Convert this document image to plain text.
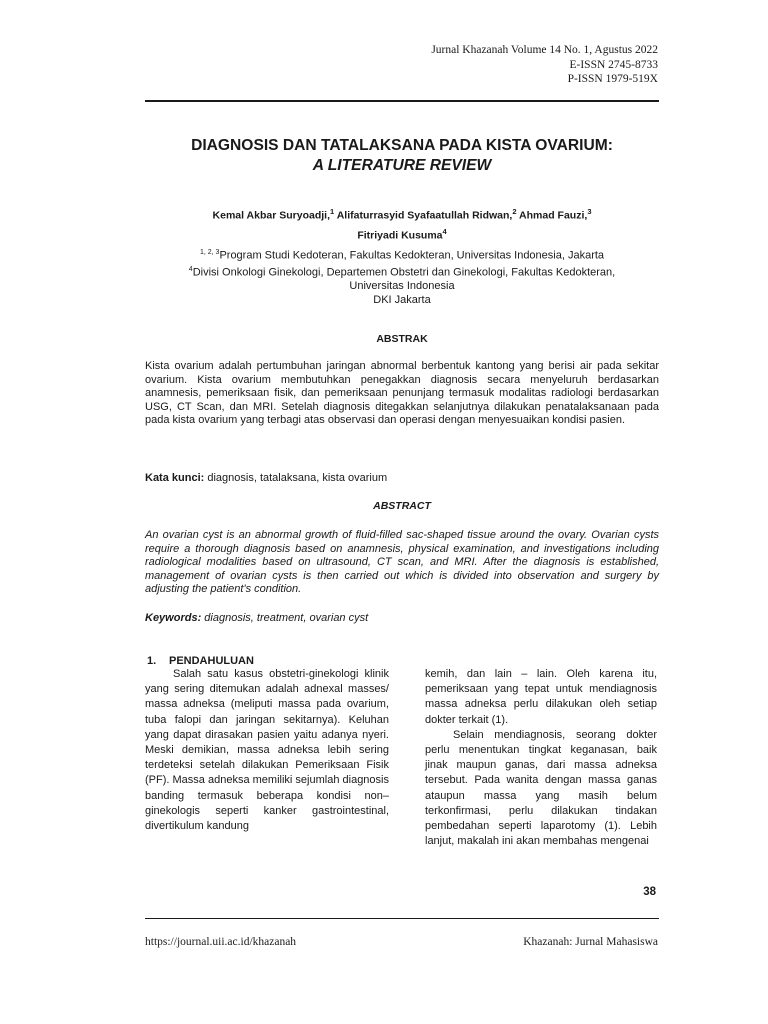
Jurnal Khazanah Volume 14 No. 1, Agustus 2022
E-ISSN 2745-8733
P-ISSN 1979-519X
DIAGNOSIS DAN TATALAKSANA PADA KISTA OVARIUM:
A LITERATURE REVIEW
Kemal Akbar Suryoadji,$^1$ Alifaturrasyid Syafaatullah Ridwan,$^2$ Ahmad Fauzi,$^3$
Fitriyadi Kusuma$^4$
$^{1, 2, 3}$Program Studi Kedoteran, Fakultas Kedokteran, Universitas Indonesia, Jakarta
$^4$Divisi Onkologi Ginekologi, Departemen Obstetri dan Ginekologi, Fakultas Kedokteran,
Universitas Indonesia
DKI Jakarta
ABSTRAK

Kista ovarium adalah pertumbuhan jaringan abnormal berbentuk kantong yang berisi air pada sekitar ovarium. Kista ovarium membutuhkan penegakkan diagnosis secara menyeluruh berdasarkan anamnesis, pemeriksaan fisik, dan pemeriksaan penunjang termasuk modalitas radiologi berdasarkan USG, CT Scan, dan MRI. Setelah diagnosis ditegakkan selanjutnya dilakukan penatalaksanaan pada pada kista ovarium yang terbagi atas observasi dan operasi dengan menyesuaikan kondisi pasien.

Kata kunci: diagnosis, tatalaksana, kista ovarium
ABSTRACT

An ovarian cyst is an abnormal growth of fluid-filled sac-shaped tissue around the ovary. Ovarian cysts require a thorough diagnosis based on anamnesis, physical examination, and investigations including radiological modalities based on ultrasound, CT scan, and MRI. After the diagnosis is established, management of ovarian cysts is then carried out which is divided into observation and surgery by adjusting the patient's condition.

Keywords: diagnosis, treatment, ovarian cyst
1. PENDAHULUAN

Salah satu kasus obstetri-ginekologi klinik yang sering ditemukan adalah adnexal masses/ massa adneksa (meliputi massa pada ovarium, tuba falopi dan jaringan sekitarnya). Keluhan yang dapat dirasakan pasien yaitu adanya nyeri. Meski demikian, massa adneksa lebih sering terdeteksi setelah dilakukan Pemeriksaan Fisik (PF). Massa adneksa memiliki sejumlah diagnosis banding termasuk beberapa kondisi non–ginekologis seperti kanker gastrointestinal, divertikulum kandung

kemih, dan lain – lain. Oleh karena itu, pemeriksaan yang tepat untuk mendiagnosis massa adneksa perlu dilakukan oleh setiap dokter terkait (1).

Selain mendiagnosis, seorang dokter perlu menentukan tingkat keganasan, baik jinak maupun ganas, dari massa adneksa tersebut. Pada wanita dengan massa ganas ataupun massa yang masih belum terkonfirmasi, perlu dilakukan tindakan pembedahan seperti laparotomy (1). Lebih lanjut, makalah ini akan membahas mengenai

38
https://journal.uii.ac.id/khazanah	Khazanah: Jurnal Mahasiswa
